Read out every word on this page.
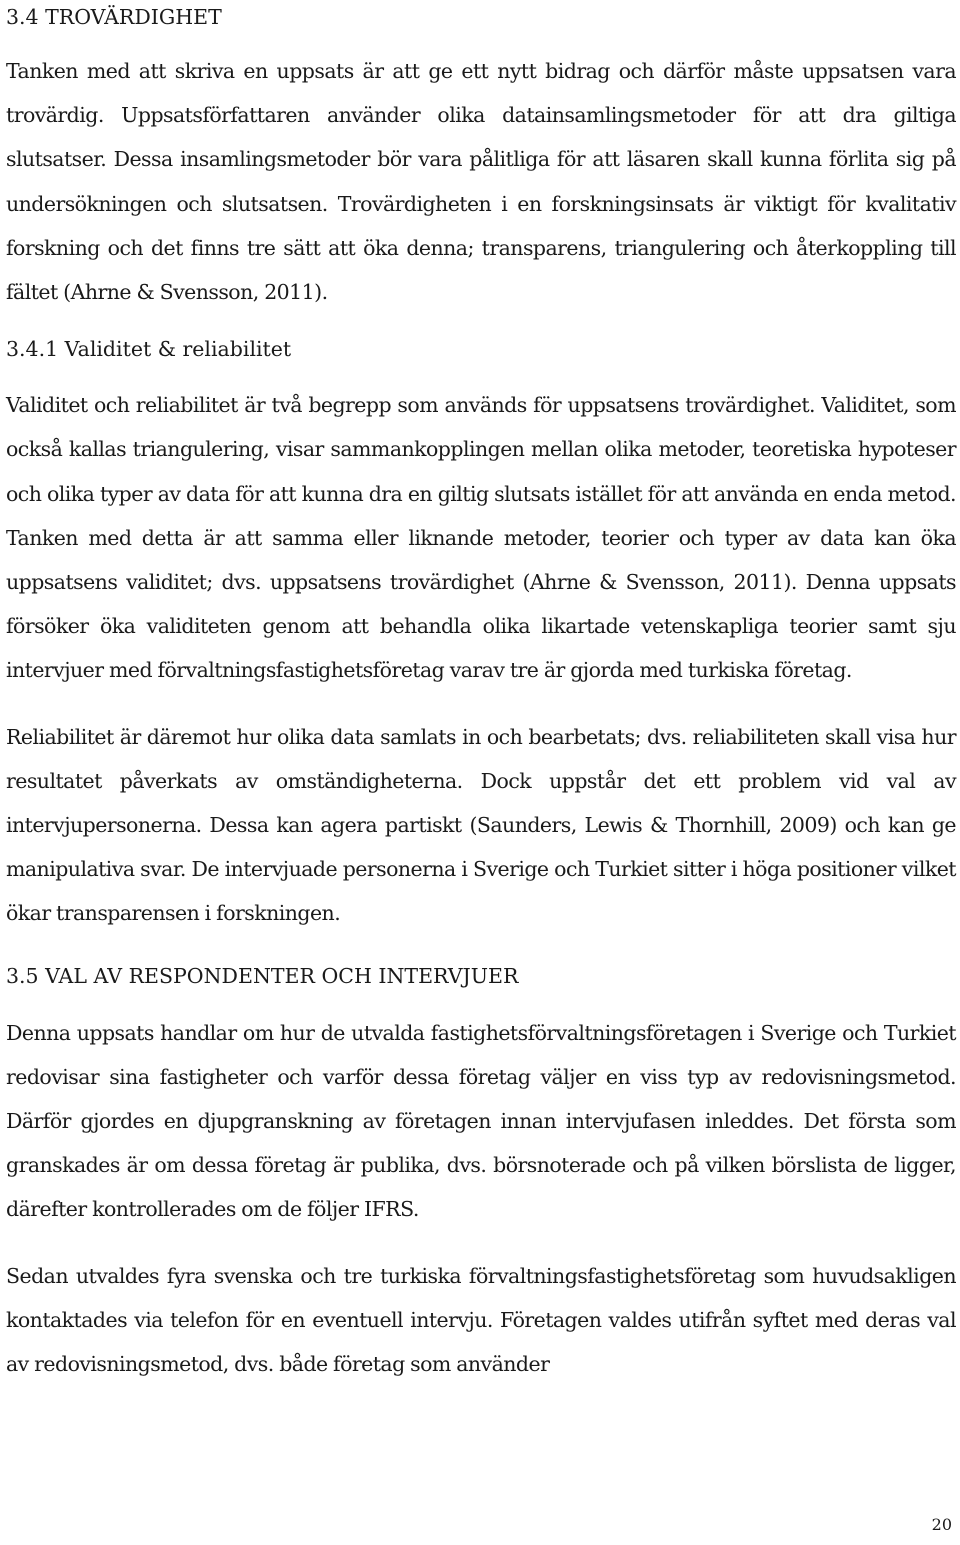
3.4 TROVÄRDIGHET

Tanken med att skriva en uppsats är att ge ett nytt bidrag och därför måste uppsatsen vara trovärdig. Uppsatsförfattaren använder olika datainsamlingsmetoder för att dra giltiga slutsatser. Dessa insamlingsmetoder bör vara pålitliga för att läsaren skall kunna förlita sig på undersökningen och slutsatsen. Trovärdigheten i en forskningsinsats är viktigt för kvalitativ forskning och det finns tre sätt att öka denna; transparens, triangulering och återkoppling till fältet (Ahrne & Svensson, 2011).

3.4.1 Validitet & reliabilitet

Validitet och reliabilitet är två begrepp som används för uppsatsens trovärdighet. Validitet, som också kallas triangulering, visar sammankopplingen mellan olika metoder, teoretiska hypoteser och olika typer av data för att kunna dra en giltig slutsats istället för att använda en enda metod. Tanken med detta är att samma eller liknande metoder, teorier och typer av data kan öka uppsatsens validitet; dvs. uppsatsens trovärdighet (Ahrne & Svensson, 2011). Denna uppsats försöker öka validiteten genom att behandla olika likartade vetenskapliga teorier samt sju intervjuer med förvaltningsfastighetsföretag varav tre är gjorda med turkiska företag.

Reliabilitet är däremot hur olika data samlats in och bearbetats; dvs. reliabiliteten skall visa hur resultatet påverkats av omständigheterna. Dock uppstår det ett problem vid val av intervjupersonerna. Dessa kan agera partiskt (Saunders, Lewis & Thornhill, 2009) och kan ge manipulativa svar. De intervjuade personerna i Sverige och Turkiet sitter i höga positioner vilket ökar transparensen i forskningen.

3.5 VAL AV RESPONDENTER OCH INTERVJUER

Denna uppsats handlar om hur de utvalda fastighetsförvaltningsföretagen i Sverige och Turkiet redovisar sina fastigheter och varför dessa företag väljer en viss typ av redovisningsmetod. Därför gjordes en djupgranskning av företagen innan intervjufasen inleddes. Det första som granskades är om dessa företag är publika, dvs. börsnoterade och på vilken börslista de ligger, därefter kontrollerades om de följer IFRS.

Sedan utvaldes fyra svenska och tre turkiska förvaltningsfastighetsföretag som huvudsakligen kontaktades via telefon för en eventuell intervju. Företagen valdes utifrån syftet med deras val av redovisningsmetod, dvs. både företag som använder

20
